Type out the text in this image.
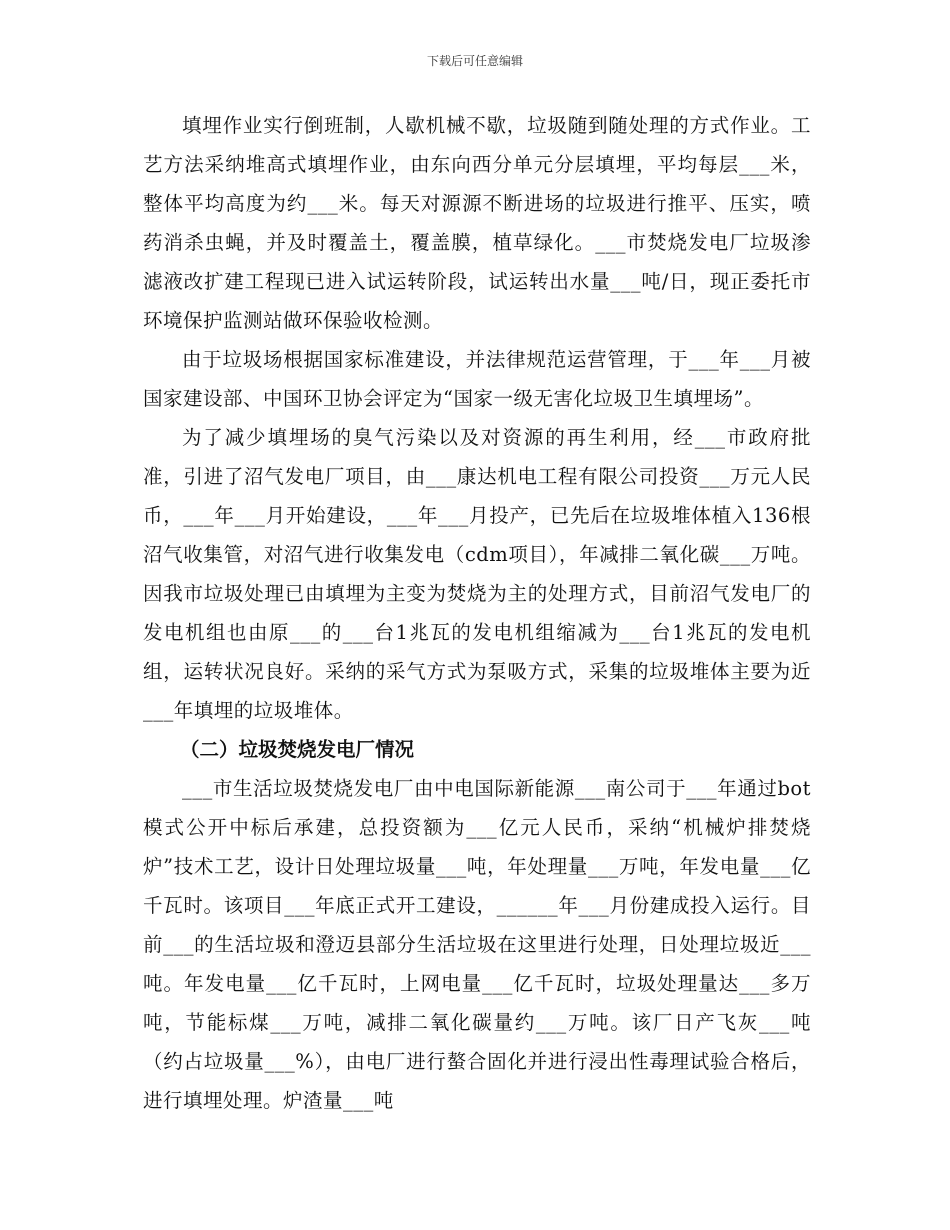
下载后可任意编辑

填埋作业实行倒班制，人歇机械不歇，垃圾随到随处理的方式作业。工艺方法采纳堆高式填埋作业，由东向西分单元分层填埋，平均每层___米，整体平均高度为约___米。每天对源源不断进场的垃圾进行推平、压实，喷药消杀虫蝇，并及时覆盖土，覆盖膜，植草绿化。___市焚烧发电厂垃圾渗滤液改扩建工程现已进入试运转阶段，试运转出水量___吨/日，现正委托市环境保护监测站做环保验收检测。

由于垃圾场根据国家标准建设，并法律规范运营管理，于___年___月被国家建设部、中国环卫协会评定为“国家一级无害化垃圾卫生填埋场”。

为了减少填埋场的臭气污染以及对资源的再生利用，经___市政府批准，引进了沼气发电厂项目，由___康达机电工程有限公司投资___万元人民币，___年___月开始建设，___年___月投产，已先后在垃圾堆体植入136根沼气收集管，对沼气进行收集发电（cdm项目），年减排二氧化碳___万吨。因我市垃圾处理已由填埋为主变为焚烧为主的处理方式，目前沼气发电厂的发电机组也由原___的___台1兆瓦的发电机组缩减为___台1兆瓦的发电机组，运转状况良好。采纳的采气方式为泵吸方式，采集的垃圾堆体主要为近___年填埋的垃圾堆体。

（二）垃圾焚烧发电厂情况

___市生活垃圾焚烧发电厂由中电国际新能源___南公司于___年通过bot模式公开中标后承建，总投资额为___亿元人民币，采纳“机械炉排焚烧炉”技术工艺，设计日处理垃圾量___吨，年处理量___万吨，年发电量___亿千瓦时。该项目___年底正式开工建设，______年___月份建成投入运行。目前___的生活垃圾和澄迈县部分生活垃圾在这里进行处理，日处理垃圾近___吨。年发电量___亿千瓦时，上网电量___亿千瓦时，垃圾处理量达___多万吨，节能标煤___万吨，减排二氧化碳量约___万吨。该厂日产飞灰___吨（约占垃圾量___%），由电厂进行螯合固化并进行浸出性毒理试验合格后，进行填埋处理。炉渣量___吨
